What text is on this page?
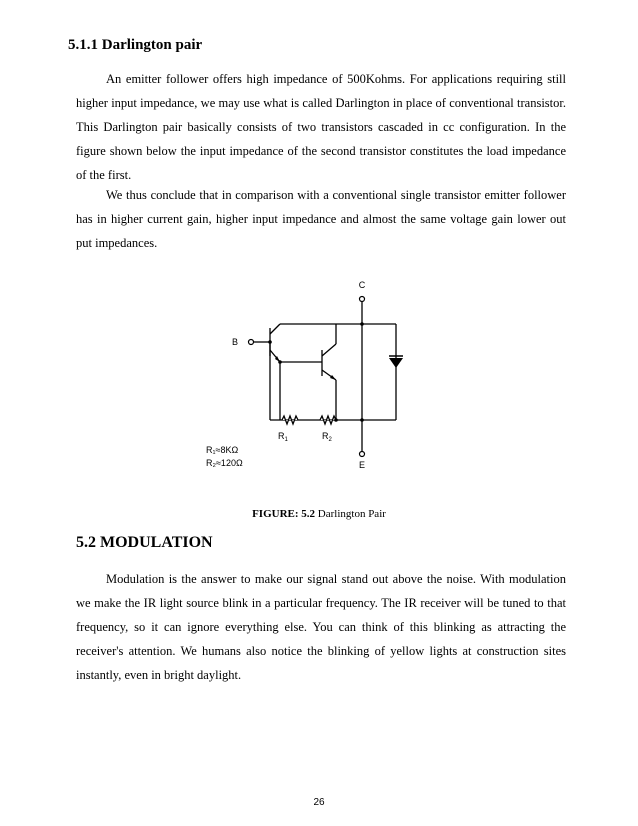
5.1.1 Darlington pair

An emitter follower offers high impedance of 500Kohms. For applications requiring still higher input impedance, we may use what is called Darlington in place of conventional transistor. This Darlington pair basically consists of two transistors cascaded in cc configuration. In the figure shown below the input impedance of the second transistor constitutes the load impedance of the first.

We thus conclude that in comparison with a conventional single transistor emitter follower has in higher current gain, higher input impedance and almost the same voltage gain lower out put impedances.

C
B
E
$R_1$	$R_2$
R₁≈8KΩ
R₂≈120Ω
FIGURE: 5.2 Darlington Pair
5.2 MODULATION

Modulation is the answer to make our signal stand out above the noise. With modulation we make the IR light source blink in a particular frequency. The IR receiver will be tuned to that frequency, so it can ignore everything else. You can think of this blinking as attracting the receiver's attention. We humans also notice the blinking of yellow lights at construction sites instantly, even in bright daylight.

26
